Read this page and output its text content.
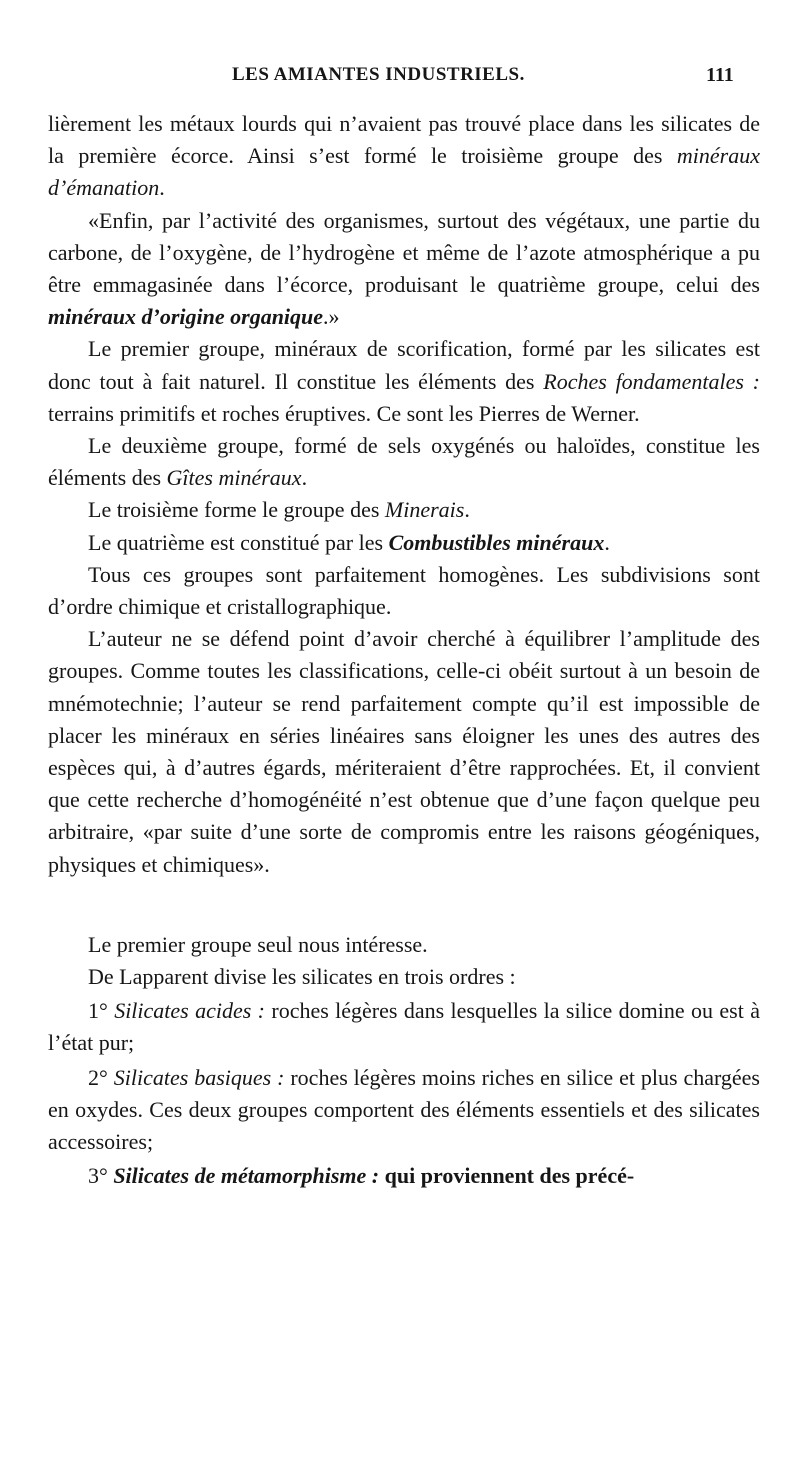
LES AMIANTES INDUSTRIELS.	111

lièrement les métaux lourds qui n’avaient pas trouvé place dans les silicates de la première écorce. Ainsi s’est formé le troisième groupe des minéraux d’émanation.

«Enfin, par l’activité des organismes, surtout des végétaux, une partie du carbone, de l’oxygène, de l’hydrogène et même de l’azote atmosphérique a pu être emmagasinée dans l’écorce, produisant le quatrième groupe, celui des minéraux d’origine organique.»

Le premier groupe, minéraux de scorification, formé par les silicates est donc tout à fait naturel. Il constitue les éléments des Roches fondamentales : terrains primitifs et roches éruptives. Ce sont les Pierres de Werner.

Le deuxième groupe, formé de sels oxygénés ou haloïdes, constitue les éléments des Gîtes minéraux.

Le troisième forme le groupe des Minerais.

Le quatrième est constitué par les Combustibles minéraux.

Tous ces groupes sont parfaitement homogènes. Les subdivisions sont d’ordre chimique et cristallographique.

L’auteur ne se défend point d’avoir cherché à équilibrer l’amplitude des groupes. Comme toutes les classifications, celle-ci obéit surtout à un besoin de mnémotechnie; l’auteur se rend parfaitement compte qu’il est impossible de placer les minéraux en séries linéaires sans éloigner les unes des autres des espèces qui, à d’autres égards, mériteraient d’être rapprochées. Et, il convient que cette recherche d’homogénéité n’est obtenue que d’une façon quelque peu arbitraire, «par suite d’une sorte de compromis entre les raisons géogéniques, physiques et chimiques».

Le premier groupe seul nous intéresse.

De Lapparent divise les silicates en trois ordres :

1° Silicates acides : roches légères dans lesquelles la silice domine ou est à l’état pur;

2° Silicates basiques : roches légères moins riches en silice et plus chargées en oxydes. Ces deux groupes comportent des éléments essentiels et des silicates accessoires;

3° Silicates de métamorphisme : qui proviennent des précé-
